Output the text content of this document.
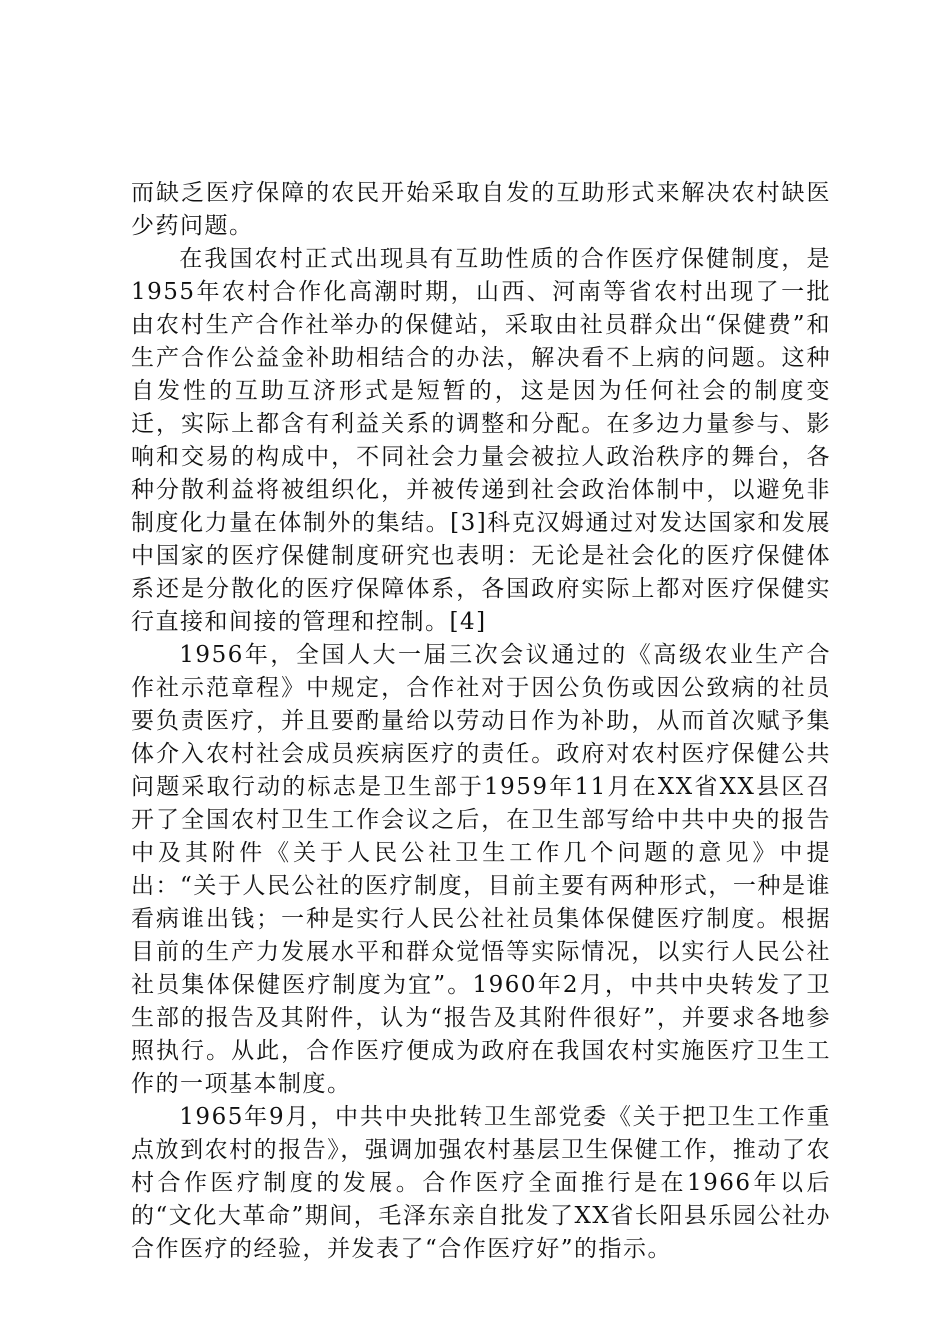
而缺乏医疗保障的农民开始采取自发的互助形式来解决农村缺医少药问题。

在我国农村正式出现具有互助性质的合作医疗保健制度，是1955年农村合作化高潮时期，山西、河南等省农村出现了一批由农村生产合作社举办的保健站，采取由社员群众出“保健费”和生产合作公益金补助相结合的办法，解决看不上病的问题。这种自发性的互助互济形式是短暂的，这是因为任何社会的制度变迁，实际上都含有利益关系的调整和分配。在多边力量参与、影响和交易的构成中，不同社会力量会被拉人政治秩序的舞台，各种分散利益将被组织化，并被传递到社会政治体制中，以避免非制度化力量在体制外的集结。[3]科克汉姆通过对发达国家和发展中国家的医疗保健制度研究也表明：无论是社会化的医疗保健体系还是分散化的医疗保障体系，各国政府实际上都对医疗保健实行直接和间接的管理和控制。[4]

1956年，全国人大一届三次会议通过的《高级农业生产合作社示范章程》中规定，合作社对于因公负伤或因公致病的社员要负责医疗，并且要酌量给以劳动日作为补助，从而首次赋予集体介入农村社会成员疾病医疗的责任。政府对农村医疗保健公共问题采取行动的标志是卫生部于1959年11月在XX省XX县区召开了全国农村卫生工作会议之后，在卫生部写给中共中央的报告中及其附件《关于人民公社卫生工作几个问题的意见》中提出：“关于人民公社的医疗制度，目前主要有两种形式，一种是谁看病谁出钱；一种是实行人民公社社员集体保健医疗制度。根据目前的生产力发展水平和群众觉悟等实际情况，以实行人民公社社员集体保健医疗制度为宜”。1960年2月，中共中央转发了卫生部的报告及其附件，认为“报告及其附件很好”，并要求各地参照执行。从此，合作医疗便成为政府在我国农村实施医疗卫生工作的一项基本制度。

1965年9月，中共中央批转卫生部党委《关于把卫生工作重点放到农村的报告》，强调加强农村基层卫生保健工作，推动了农村合作医疗制度的发展。合作医疗全面推行是在1966年以后的“文化大革命”期间，毛泽东亲自批发了XX省长阳县乐园公社办合作医疗的经验，并发表了“合作医疗好”的指示。
